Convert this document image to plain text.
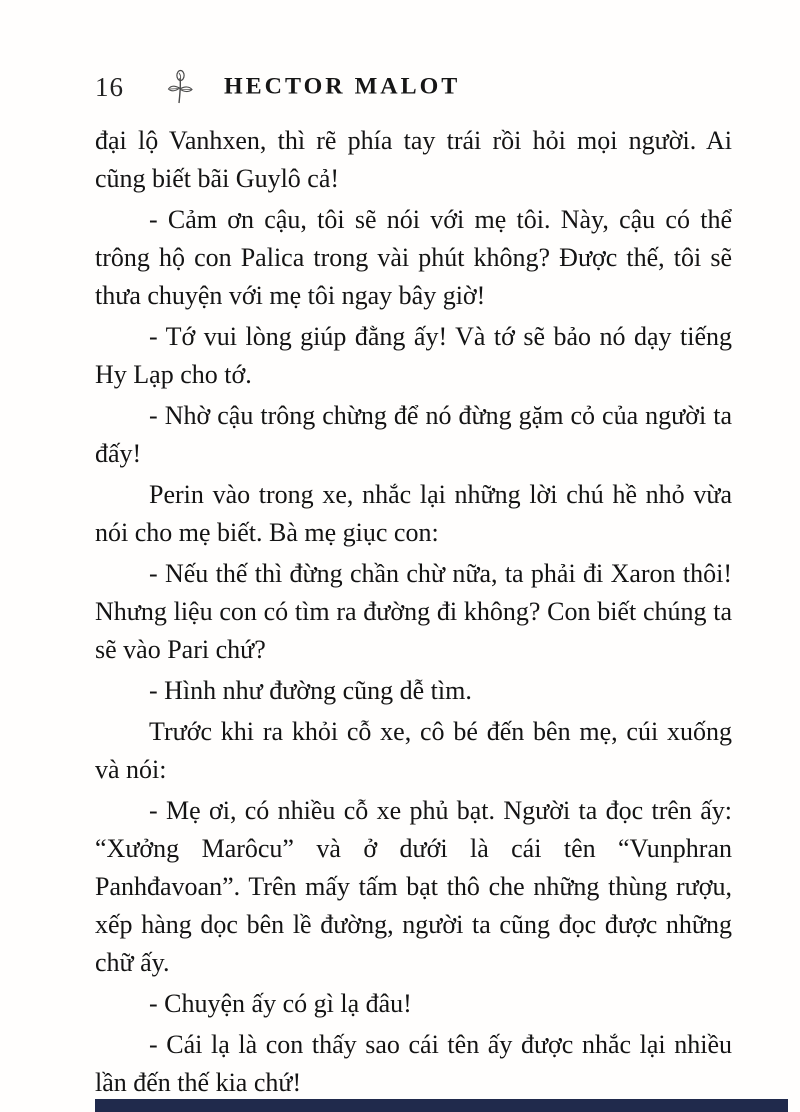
16	HECTOR MALOT

đại lộ Vanhxen, thì rẽ phía tay trái rồi hỏi mọi người. Ai cũng biết bãi Guylô cả!

- Cảm ơn cậu, tôi sẽ nói với mẹ tôi. Này, cậu có thể trông hộ con Palica trong vài phút không? Được thế, tôi sẽ thưa chuyện với mẹ tôi ngay bây giờ!

- Tớ vui lòng giúp đằng ấy! Và tớ sẽ bảo nó dạy tiếng Hy Lạp cho tớ.

- Nhờ cậu trông chừng để nó đừng gặm cỏ của người ta đấy!

Perin vào trong xe, nhắc lại những lời chú hề nhỏ vừa nói cho mẹ biết. Bà mẹ giục con:

- Nếu thế thì đừng chần chừ nữa, ta phải đi Xaron thôi! Nhưng liệu con có tìm ra đường đi không? Con biết chúng ta sẽ vào Pari chứ?

- Hình như đường cũng dễ tìm.

Trước khi ra khỏi cỗ xe, cô bé đến bên mẹ, cúi xuống và nói:

- Mẹ ơi, có nhiều cỗ xe phủ bạt. Người ta đọc trên ấy: “Xưởng Marôcu” và ở dưới là cái tên “Vunphran Panhđavoan”. Trên mấy tấm bạt thô che những thùng rượu, xếp hàng dọc bên lề đường, người ta cũng đọc được những chữ ấy.

- Chuyện ấy có gì lạ đâu!

- Cái lạ là con thấy sao cái tên ấy được nhắc lại nhiều lần đến thế kia chứ!
